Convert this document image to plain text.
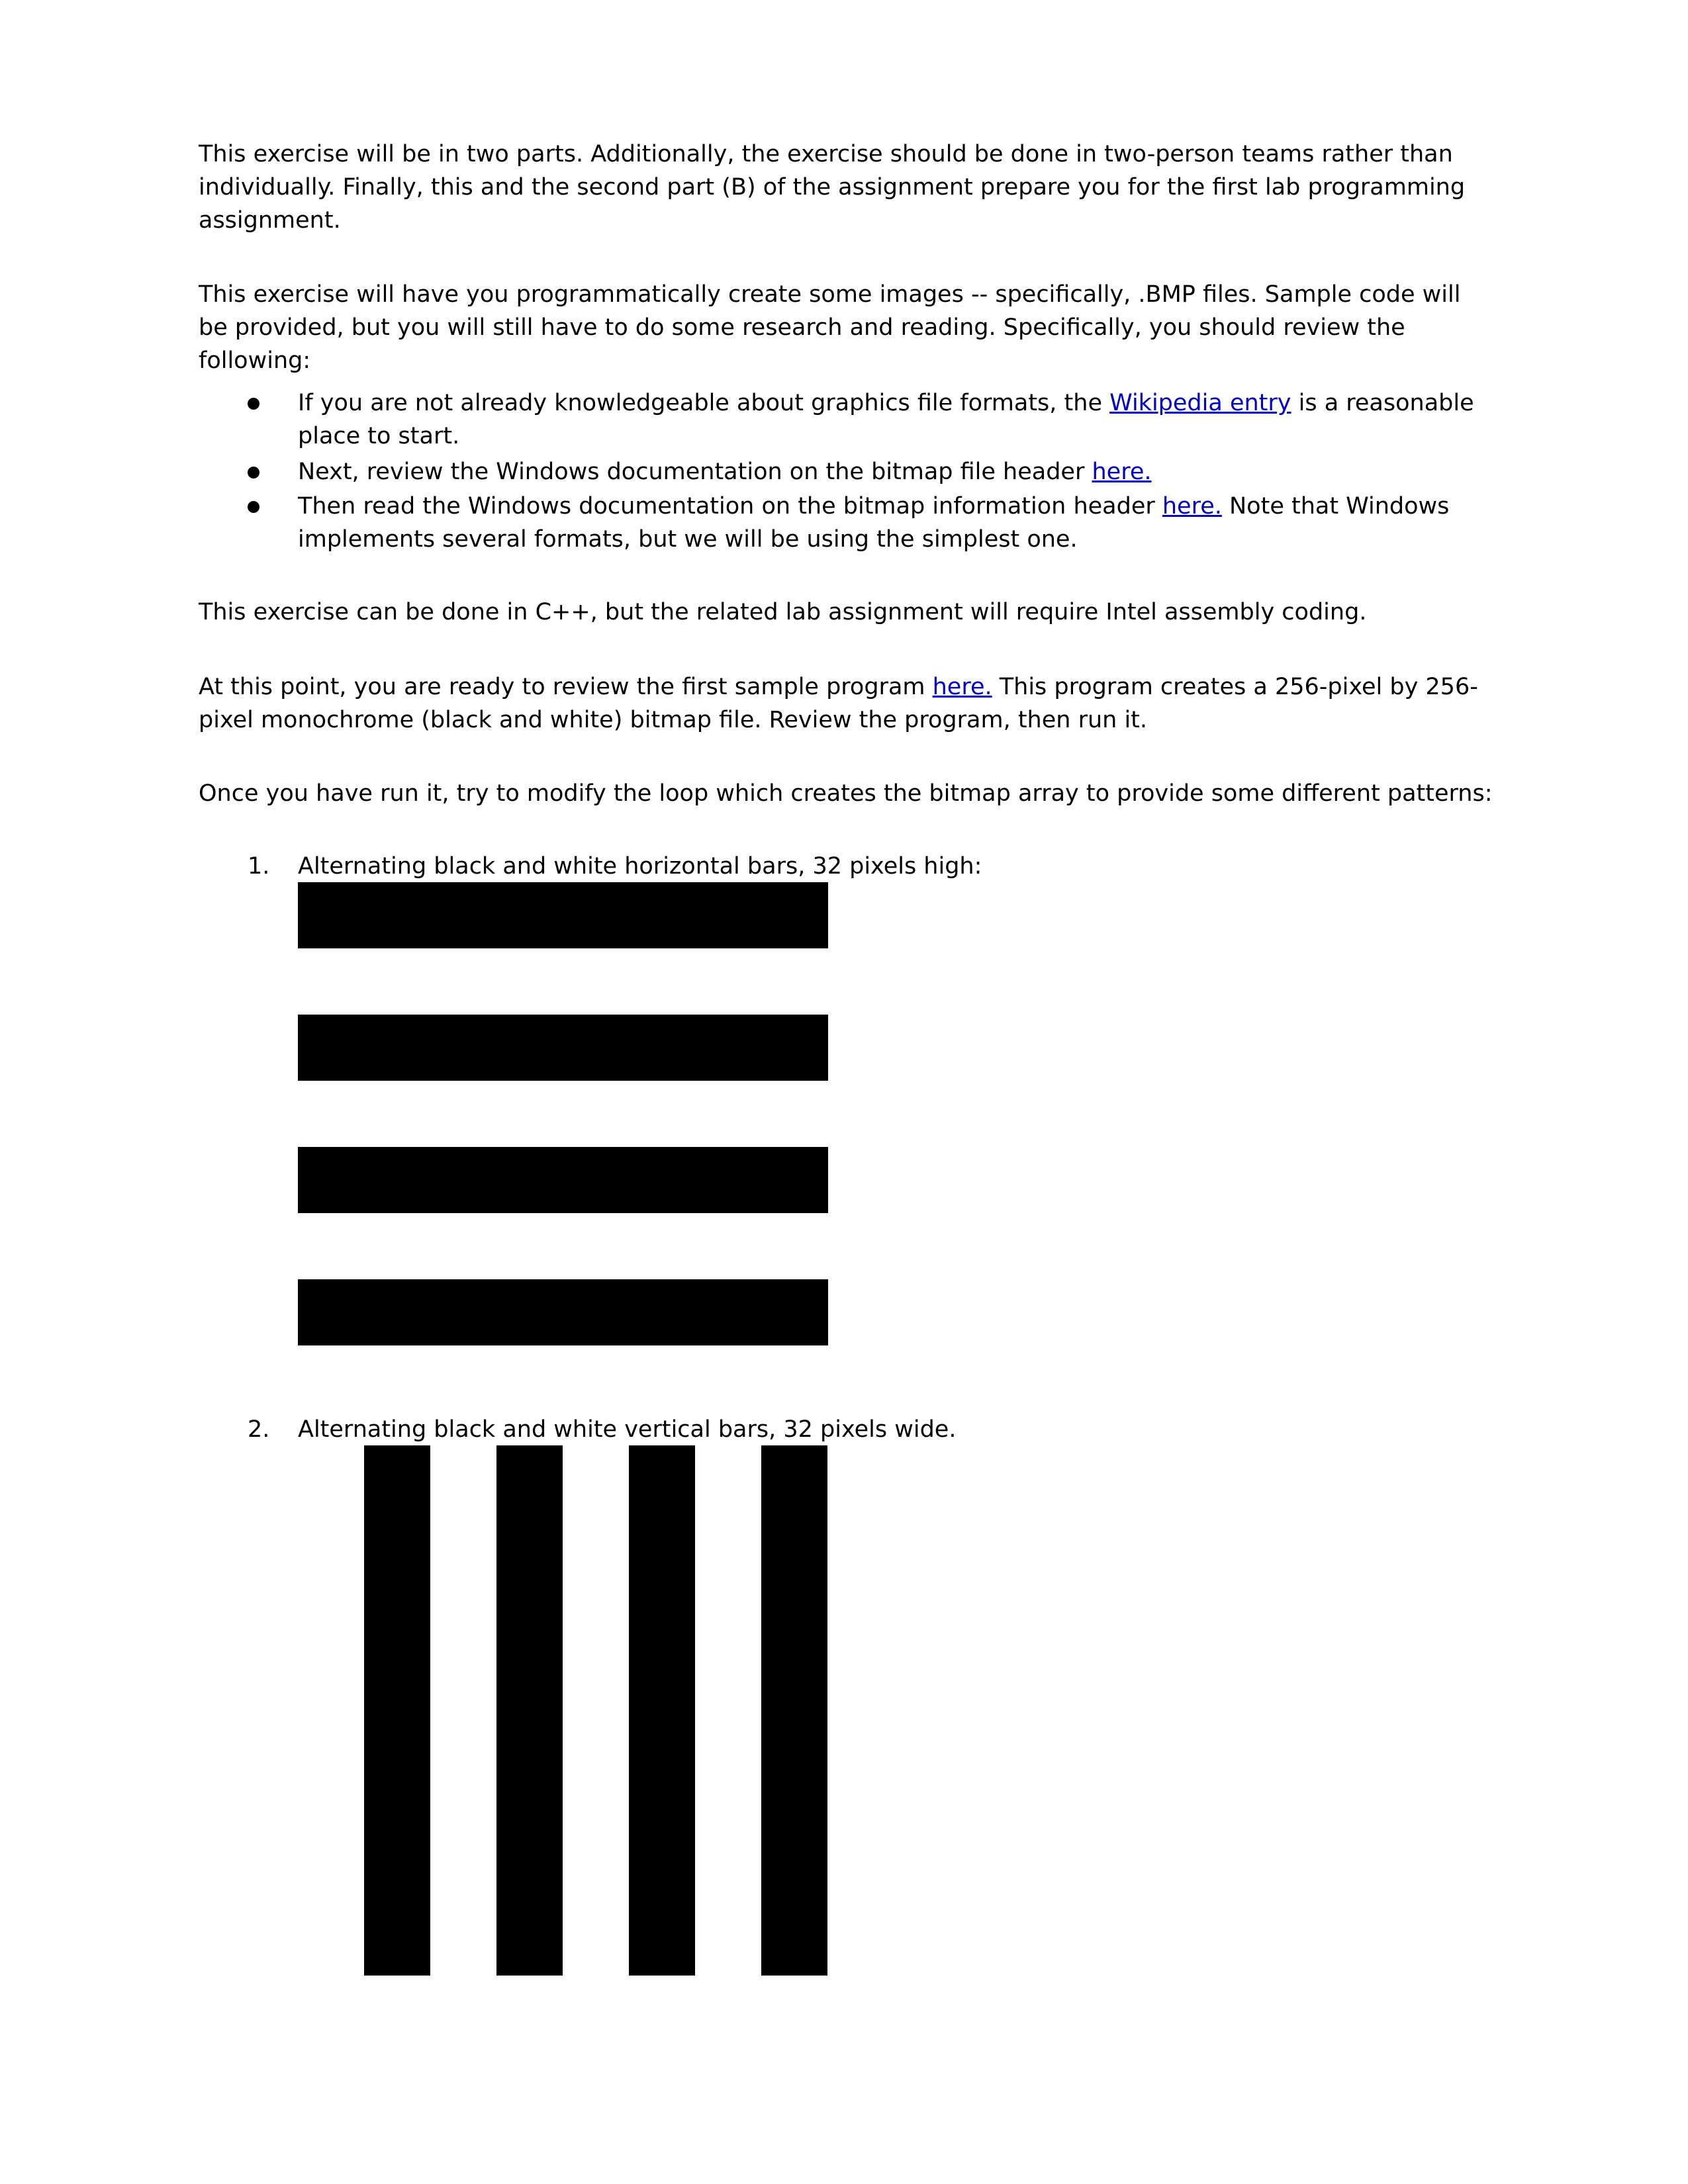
This exercise will be in two parts. Additionally, the exercise should be done in two-person teams rather than individually. Finally, this and the second part (B) of the assignment prepare you for the first lab programming assignment.

This exercise will have you programmatically create some images -- specifically, .BMP files. Sample code will be provided, but you will still have to do some research and reading. Specifically, you should review the following:

If you are not already knowledgeable about graphics file formats, the Wikipedia entry is a reasonable place to start.
Next, review the Windows documentation on the bitmap file header here.
Then read the Windows documentation on the bitmap information header here. Note that Windows implements several formats, but we will be using the simplest one.

This exercise can be done in C++, but the related lab assignment will require Intel assembly coding.

At this point, you are ready to review the first sample program here. This program creates a 256-pixel by 256-pixel monochrome (black and white) bitmap file. Review the program, then run it.

Once you have run it, try to modify the loop which creates the bitmap array to provide some different patterns:

1. Alternating black and white horizontal bars, 32 pixels high:
2. Alternating black and white vertical bars, 32 pixels wide.
